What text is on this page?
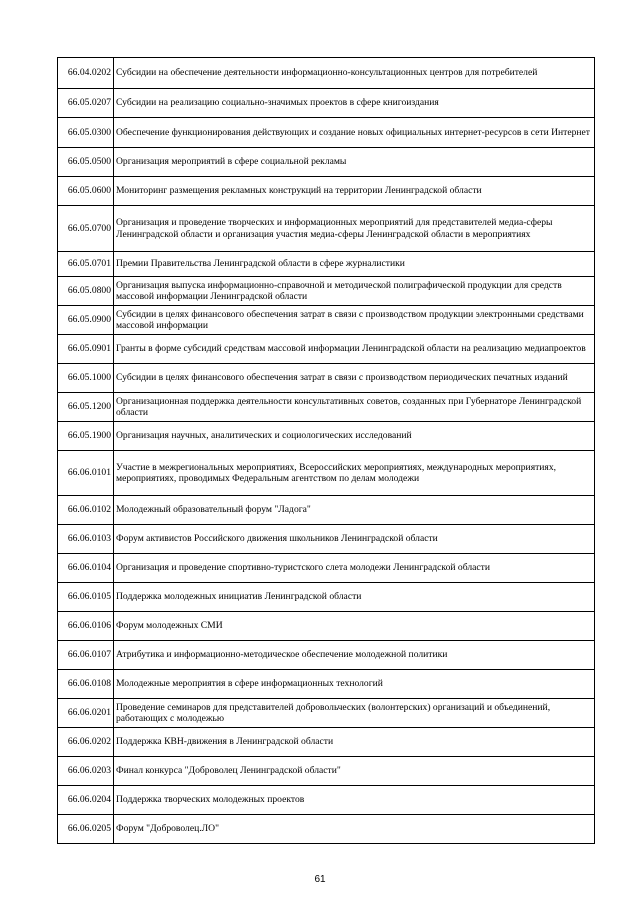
66.04.0202	Субсидии на обеспечение деятельности информационно-консультационных центров для потребителей
66.05.0207	Субсидии на реализацию социально-значимых проектов в сфере книгоиздания
66.05.0300	Обеспечение функционирования действующих и создание новых официальных интернет-ресурсов в сети Интернет
66.05.0500	Организация мероприятий в сфере социальной рекламы
66.05.0600	Мониторинг размещения рекламных конструкций на территории Ленинградской области
66.05.0700	Организация и проведение творческих и информационных мероприятий для представителей медиа-сферы Ленинградской области и организация участия медиа-сферы Ленинградской области в мероприятиях
66.05.0701	Премии Правительства Ленинградской области в сфере журналистики
66.05.0800	Организация выпуска информационно-справочной и методической полиграфической продукции для средств массовой информации Ленинградской области
66.05.0900	Субсидии в целях финансового обеспечения затрат в связи с производством продукции электронными средствами массовой информации
66.05.0901	Гранты в форме субсидий средствам массовой информации Ленинградской области на реализацию медиапроектов
66.05.1000	Субсидии в целях финансового обеспечения затрат в связи с производством периодических печатных изданий
66.05.1200	Организационная поддержка деятельности консультативных советов, созданных при Губернаторе Ленинградской области
66.05.1900	Организация научных, аналитических и социологических исследований
66.06.0101	Участие в межрегиональных мероприятиях, Всероссийских мероприятиях, международных мероприятиях, мероприятиях, проводимых Федеральным агентством по делам молодежи
66.06.0102	Молодежный образовательный форум "Ладога"
66.06.0103	Форум активистов Российского движения школьников Ленинградской области
66.06.0104	Организация и проведение спортивно-туристского слета молодежи Ленинградской области
66.06.0105	Поддержка молодежных инициатив Ленинградской области
66.06.0106	Форум молодежных СМИ
66.06.0107	Атрибутика и информационно-методическое обеспечение молодежной политики
66.06.0108	Молодежные мероприятия в сфере информационных технологий
66.06.0201	Проведение семинаров для представителей добровольческих (волонтерских) организаций и объединений, работающих с молодежью
66.06.0202	Поддержка КВН-движения в Ленинградской области
66.06.0203	Финал конкурса "Доброволец Ленинградской области"
66.06.0204	Поддержка творческих молодежных проектов
66.06.0205	Форум "Доброволец.ЛО"
61
